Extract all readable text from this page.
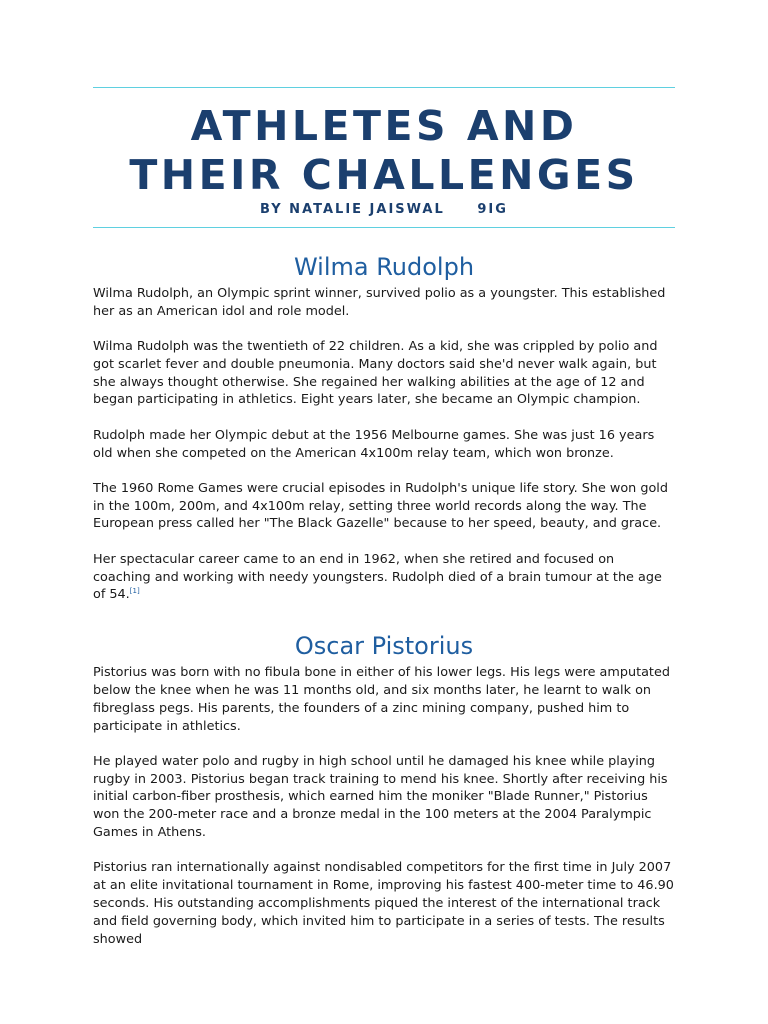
ATHLETES AND
THEIR CHALLENGES
BY NATALIE JAISWAL     9IG
Wilma Rudolph

Wilma Rudolph, an Olympic sprint winner, survived polio as a youngster. This established her as an American idol and role model.

Wilma Rudolph was the twentieth of 22 children. As a kid, she was crippled by polio and got scarlet fever and double pneumonia. Many doctors said she'd never walk again, but she always thought otherwise. She regained her walking abilities at the age of 12 and began participating in athletics. Eight years later, she became an Olympic champion.

Rudolph made her Olympic debut at the 1956 Melbourne games. She was just 16 years old when she competed on the American 4x100m relay team, which won bronze.

The 1960 Rome Games were crucial episodes in Rudolph's unique life story. She won gold in the 100m, 200m, and 4x100m relay, setting three world records along the way. The European press called her "The Black Gazelle" because to her speed, beauty, and grace.

Her spectacular career came to an end in 1962, when she retired and focused on coaching and working with needy youngsters. Rudolph died of a brain tumour at the age of 54.[1]

Oscar Pistorius

Pistorius was born with no fibula bone in either of his lower legs. His legs were amputated below the knee when he was 11 months old, and six months later, he learnt to walk on fibreglass pegs. His parents, the founders of a zinc mining company, pushed him to participate in athletics.

He played water polo and rugby in high school until he damaged his knee while playing rugby in 2003. Pistorius began track training to mend his knee. Shortly after receiving his initial carbon-fiber prosthesis, which earned him the moniker "Blade Runner," Pistorius won the 200-meter race and a bronze medal in the 100 meters at the 2004 Paralympic Games in Athens.

Pistorius ran internationally against nondisabled competitors for the first time in July 2007 at an elite invitational tournament in Rome, improving his fastest 400-meter time to 46.90 seconds. His outstanding accomplishments piqued the interest of the international track and field governing body, which invited him to participate in a series of tests. The results showed
